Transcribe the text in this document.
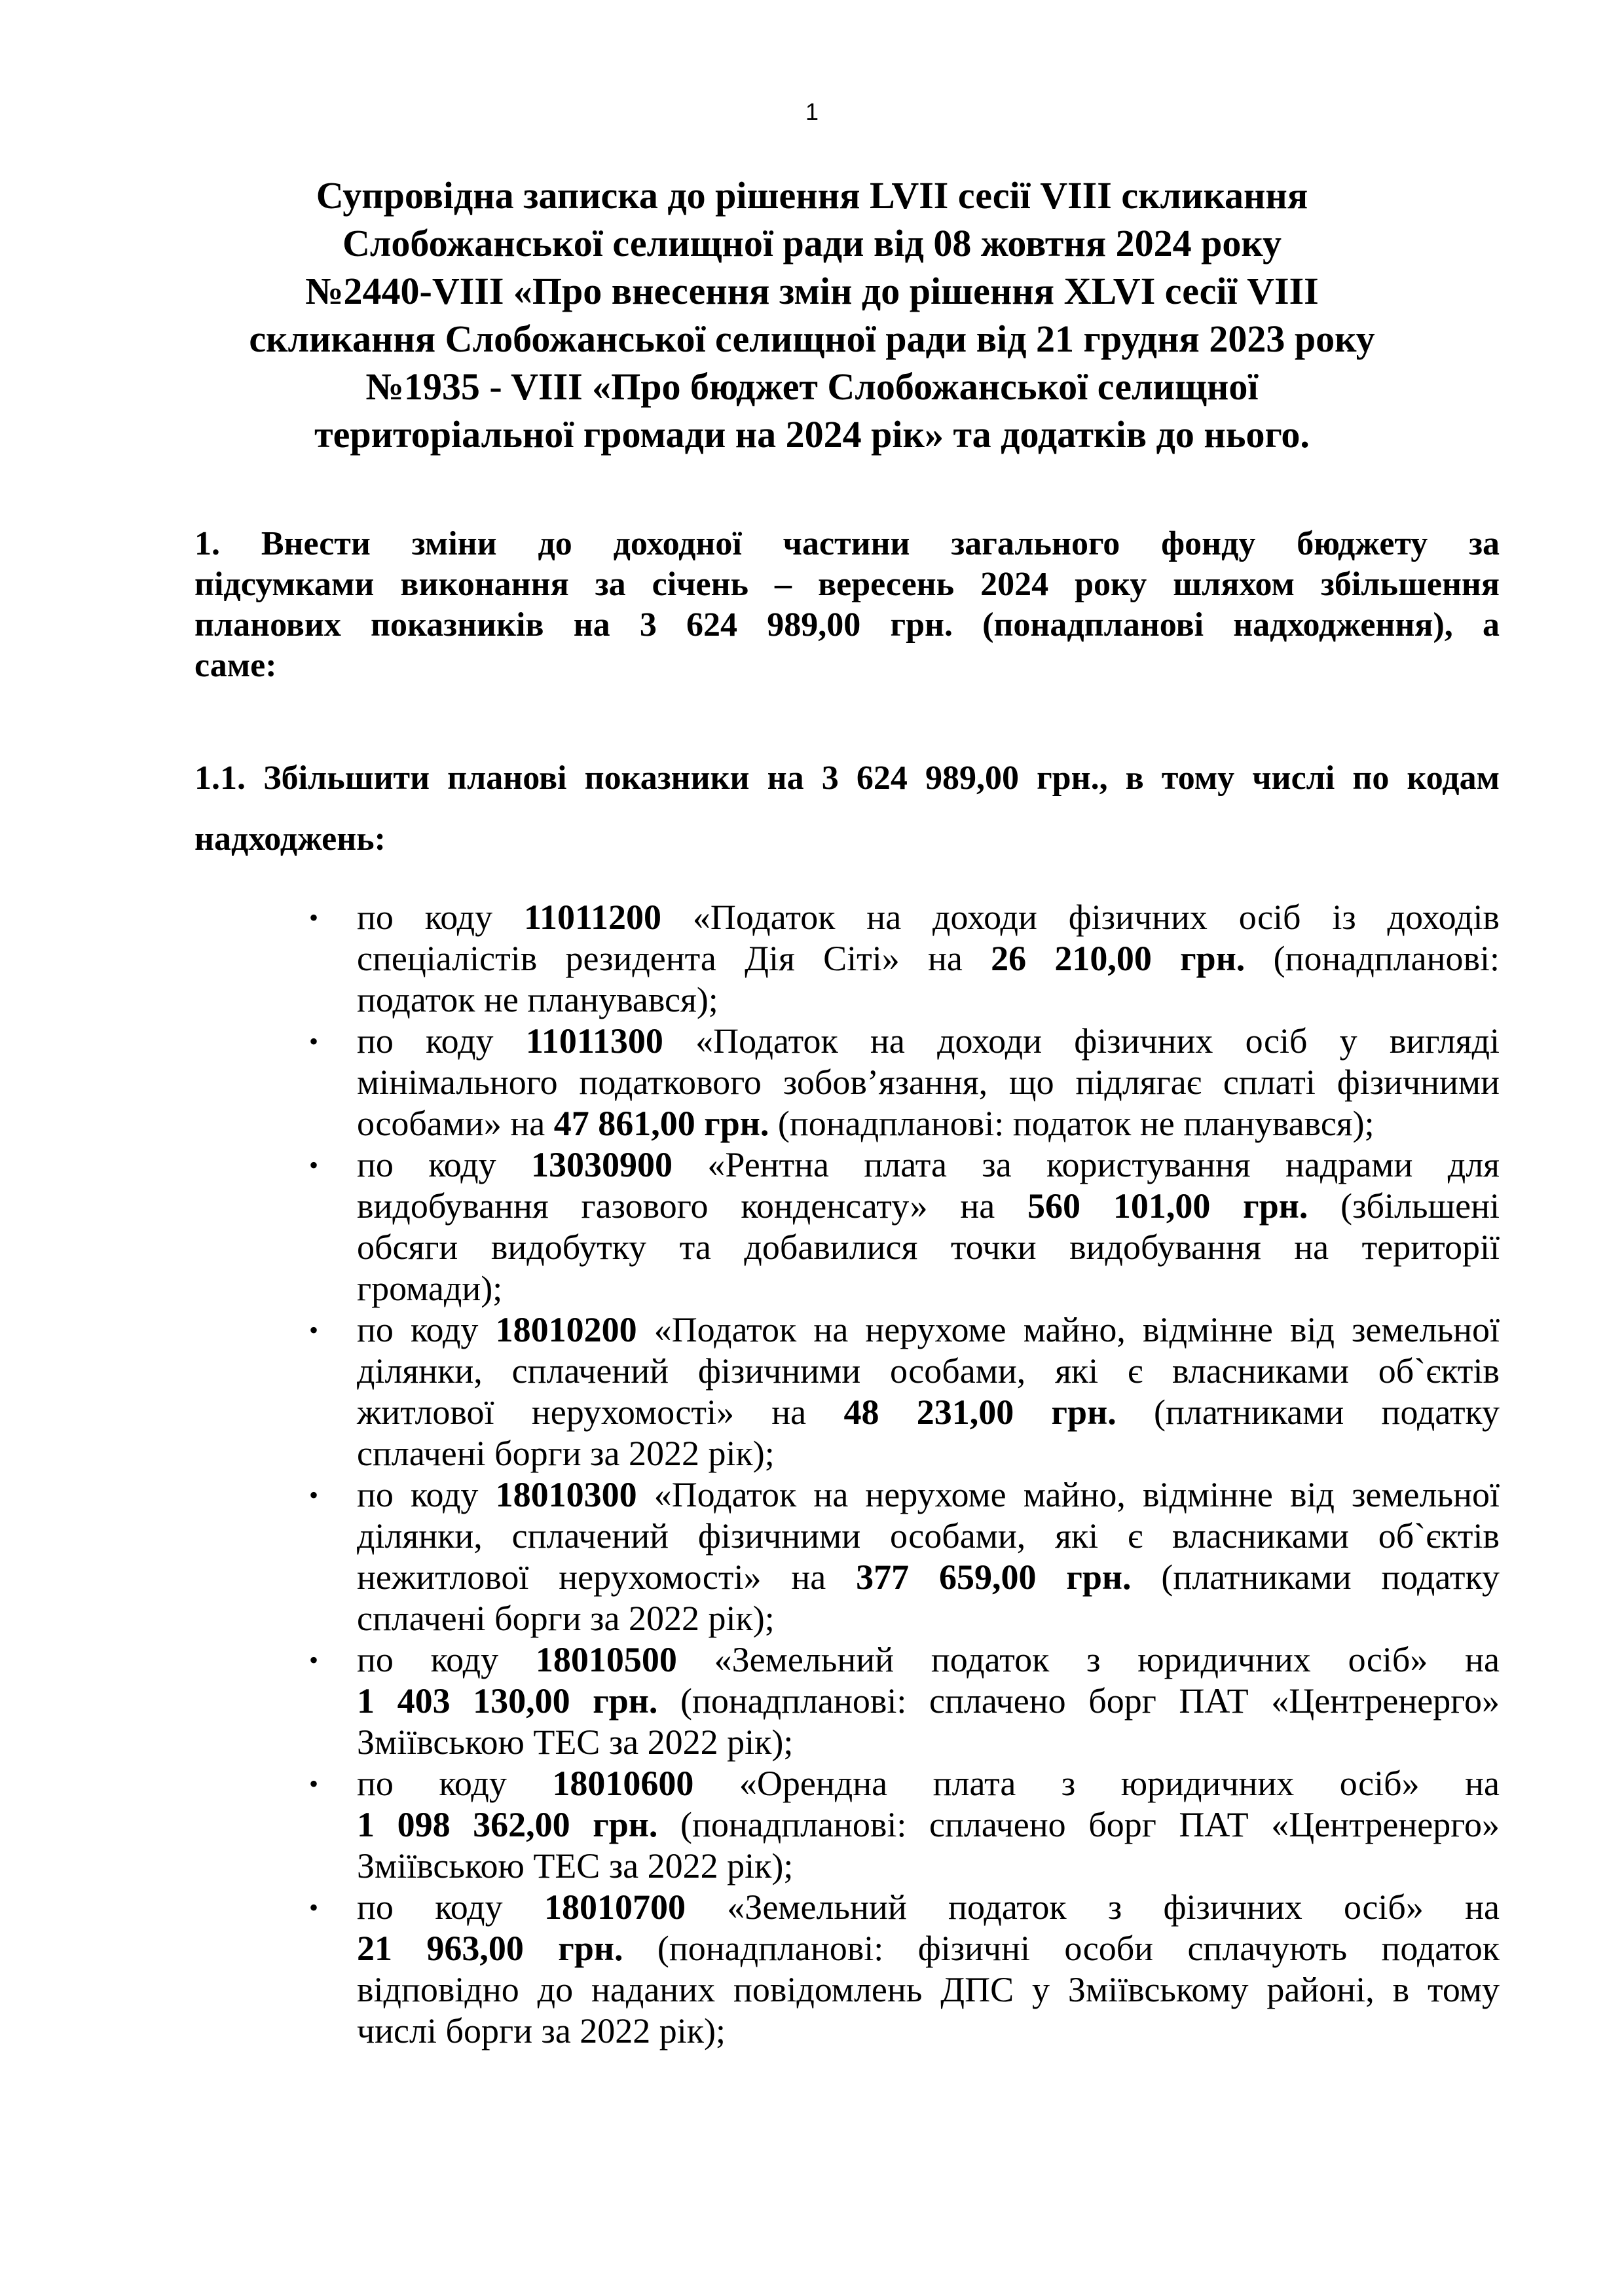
1
Супровідна записка до рішення LVII сесії VIII скликання
Слобожанської селищної ради від 08 жовтня 2024 року
№2440-VIII «Про внесення змін до рішення XLVI сесії VIII
скликання Слобожанської селищної ради від 21 грудня 2023 року
№1935 - VIII «Про бюджет Слобожанської селищної
територіальної громади на 2024 рік» та додатків до нього.
1. Внести зміни до доходної частини загального фонду бюджету за
підсумками виконання за січень – вересень 2024 року шляхом збільшення
планових показників на 3 624 989,00 грн. (понадпланові надходження), а
саме:
1.1. Збільшити планові показники на 3 624 989,00 грн., в тому числі по кодам
надходжень:
• по коду 11011200 «Податок на доходи фізичних осіб із доходів
спеціалістів резидента Дія Сіті» на 26 210,00 грн. (понадпланові:
податок не планувався);
• по коду 11011300 «Податок на доходи фізичних осіб у вигляді
мінімального податкового зобов’язання, що підлягає сплаті фізичними
особами» на 47 861,00 грн. (понадпланові: податок не планувався);
• по коду 13030900 «Рентна плата за користування надрами для
видобування газового конденсату» на 560 101,00 грн. (збільшені
обсяги видобутку та добавилися точки видобування на території
громади);
• по коду 18010200 «Податок на нерухоме майно, відмінне від земельної
ділянки, сплачений фізичними особами, які є власниками об`єктів
житлової нерухомості» на 48 231,00 грн. (платниками податку
сплачені борги за 2022 рік);
• по коду 18010300 «Податок на нерухоме майно, відмінне від земельної
ділянки, сплачений фізичними особами, які є власниками об`єктів
нежитлової нерухомості» на 377 659,00 грн. (платниками податку
сплачені борги за 2022 рік);
• по коду 18010500 «Земельний податок з юридичних осіб» на
1 403 130,00 грн. (понадпланові: сплачено борг ПАТ «Центренерго»
Зміївською ТЕС за 2022 рік);
• по коду 18010600 «Орендна плата з юридичних осіб» на
1 098 362,00 грн. (понадпланові: сплачено борг ПАТ «Центренерго»
Зміївською ТЕС за 2022 рік);
• по коду 18010700 «Земельний податок з фізичних осіб» на
21 963,00 грн. (понадпланові: фізичні особи сплачують податок
відповідно до наданих повідомлень ДПС у Зміївському районі, в тому
числі борги за 2022 рік);
